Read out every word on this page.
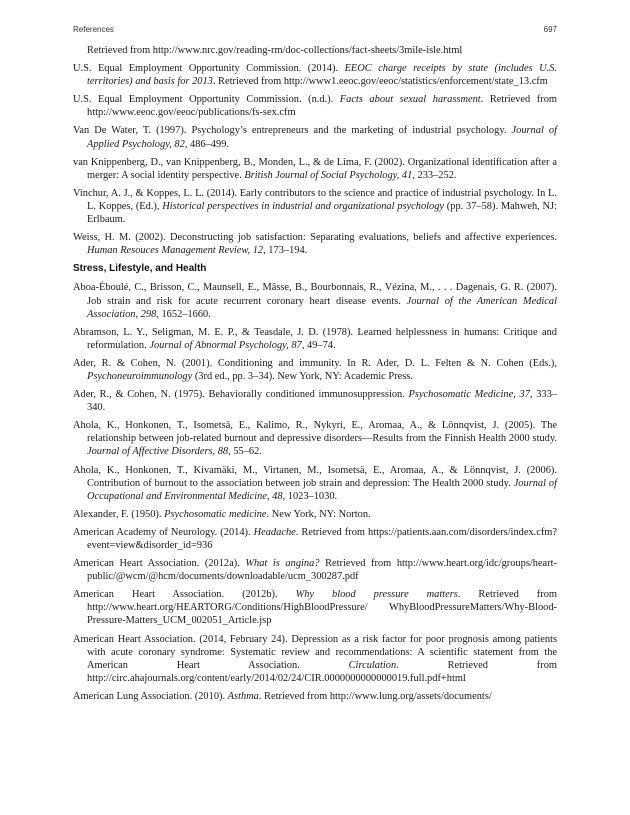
References	697

Retrieved from http://www.nrc.gov/reading-rm/doc-collections/fact-sheets/3mile-isle.html

U.S. Equal Employment Opportunity Commission. (2014). EEOC charge receipts by state (includes U.S. territories) and basis for 2013. Retrieved from http://www1.eeoc.gov/eeoc/statistics/enforcement/state_13.cfm

U.S. Equal Employment Opportunity Commission. (n.d.). Facts about sexual harassment. Retrieved from http://www.eeoc.gov/eeoc/publications/fs-sex.cfm

Van De Water, T. (1997). Psychology’s entrepreneurs and the marketing of industrial psychology. Journal of Applied Psychology, 82, 486–499.

van Knippenberg, D., van Knippenberg, B., Monden, L., & de Lima, F. (2002). Organizational identification after a merger: A social identity perspective. British Journal of Social Psychology, 41, 233–252.

Vinchur, A. J., & Koppes, L. L. (2014). Early contributors to the science and practice of industrial psychology. In L. L. Koppes, (Ed.), Historical perspectives in industrial and organizational psychology (pp. 37–58). Mahweh, NJ: Erlbaum.

Weiss, H. M. (2002). Deconstructing job satisfaction: Separating evaluations, beliefs and affective experiences. Human Resouces Management Review, 12, 173–194.

Stress, Lifestyle, and Health

Aboa-Éboulé, C., Brisson, C., Maunsell, E., Mâsse, B., Bourbonnais, R., Vézina, M., . . . Dagenais, G. R. (2007). Job strain and risk for acute recurrent coronary heart disease events. Journal of the American Medical Association, 298, 1652–1660.

Abramson, L. Y., Seligman, M. E. P., & Teasdale, J. D. (1978). Learned helplessness in humans: Critique and reformulation. Journal of Abnormal Psychology, 87, 49–74.

Ader, R. & Cohen, N. (2001). Conditioning and immunity. In R. Ader, D. L. Felten & N. Cohen (Eds.), Psychoneuroimmunology (3rd ed., pp. 3–34). New York, NY: Academic Press.

Ader, R., & Cohen, N. (1975). Behaviorally conditioned immunosuppression. Psychosomatic Medicine, 37, 333–340.

Ahola, K., Honkonen, T., Isometsä, E., Kalimo, R., Nykyri, E., Aromaa, A., & Lönnqvist, J. (2005). The relationship between job-related burnout and depressive disorders—Results from the Finnish Health 2000 study. Journal of Affective Disorders, 88, 55–62.

Ahola, K., Honkonen, T., Kivamäki, M., Virtanen, M., Isometsä, E., Aromaa, A., & Lönnqvist, J. (2006). Contribution of burnout to the association between job strain and depression: The Health 2000 study. Journal of Occupational and Environmental Medicine, 48, 1023–1030.

Alexander, F. (1950). Psychosomatic medicine. New York, NY: Norton.

American Academy of Neurology. (2014). Headache. Retrieved from https://patients.aan.com/disorders/index.cfm?event=view&disorder_id=936

American Heart Association. (2012a). What is angina? Retrieved from http://www.heart.org/idc/groups/heart-public/@wcm/@hcm/documents/downloadable/ucm_300287.pdf

American Heart Association. (2012b). Why blood pressure matters. Retrieved from http://www.heart.org/HEARTORG/Conditions/HighBloodPressure/ WhyBloodPressureMatters/Why-Blood-Pressure-Matters_UCM_002051_Article.jsp

American Heart Association. (2014, February 24). Depression as a risk factor for poor prognosis among patients with acute coronary syndrome: Systematic review and recommendations: A scientific statement from the American Heart Association. Circulation. Retrieved from http://circ.ahajournals.org/content/early/2014/02/24/CIR.0000000000000019.full.pdf+html

American Lung Association. (2010). Asthma. Retrieved from http://www.lung.org/assets/documents/
